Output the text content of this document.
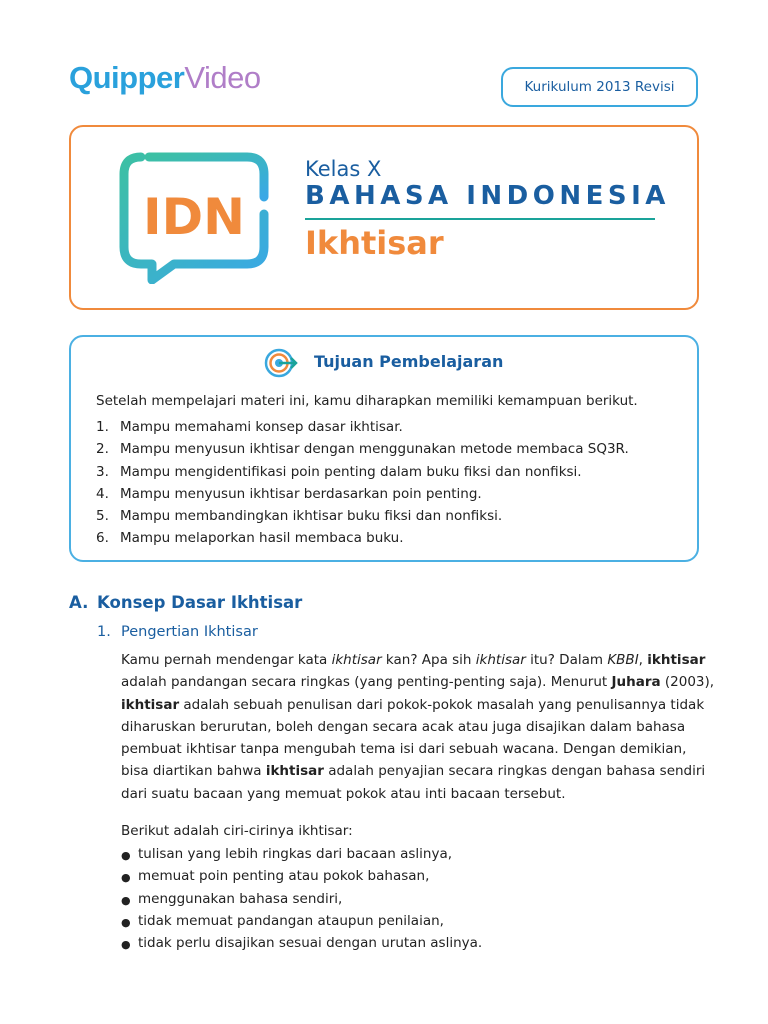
QuipperVideo	Kurikulum 2013 Revisi
IDN
Kelas X
BAHASA INDONESIA
Ikhtisar
Tujuan Pembelajaran
Setelah mempelajari materi ini, kamu diharapkan memiliki kemampuan berikut.
1. Mampu memahami konsep dasar ikhtisar.
2. Mampu menyusun ikhtisar dengan menggunakan metode membaca SQ3R.
3. Mampu mengidentifikasi poin penting dalam buku fiksi dan nonfiksi.
4. Mampu menyusun ikhtisar berdasarkan poin penting.
5. Mampu membandingkan ikhtisar buku fiksi dan nonfiksi.
6. Mampu melaporkan hasil membaca buku.
A. Konsep Dasar Ikhtisar
1. Pengertian Ikhtisar
Kamu pernah mendengar kata ikhtisar kan? Apa sih ikhtisar itu? Dalam KBBI, ikhtisar
adalah pandangan secara ringkas (yang penting-penting saja). Menurut Juhara (2003),
ikhtisar adalah sebuah penulisan dari pokok-pokok masalah yang penulisannya tidak
diharuskan berurutan, boleh dengan secara acak atau juga disajikan dalam bahasa
pembuat ikhtisar tanpa mengubah tema isi dari sebuah wacana. Dengan demikian,
bisa diartikan bahwa ikhtisar adalah penyajian secara ringkas dengan bahasa sendiri
dari suatu bacaan yang memuat pokok atau inti bacaan tersebut.
Berikut adalah ciri-cirinya ikhtisar:
● tulisan yang lebih ringkas dari bacaan aslinya,
● memuat poin penting atau pokok bahasan,
● menggunakan bahasa sendiri,
● tidak memuat pandangan ataupun penilaian,
● tidak perlu disajikan sesuai dengan urutan aslinya.
